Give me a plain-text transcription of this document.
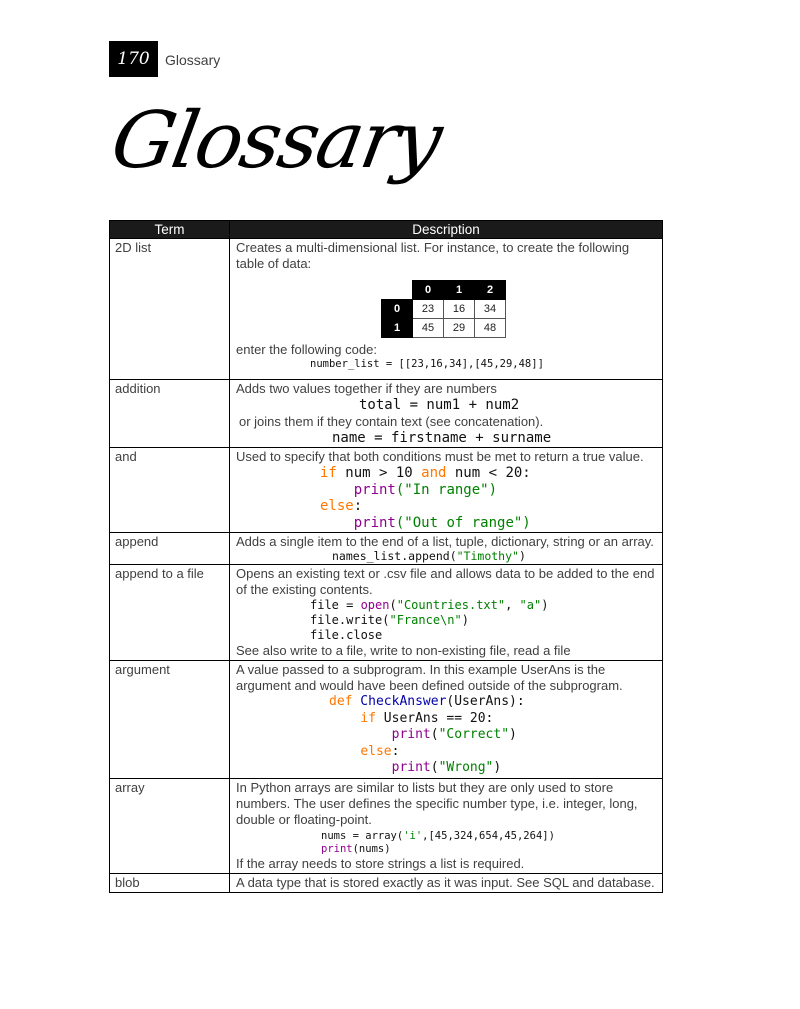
170 Glossary
Glossary
Term	Description
2D list	Creates a multi-dimensional list. For instance, to create the following table of data:
	0	1	2
0	23	16	34
1	45	29	48
enter the following code:
number_list = [[23,16,34],[45,29,48]]

addition	Adds two values together if they are numbers
total = num1 + num2
or joins them if they contain text (see concatenation).
name = firstname + surname

and	Used to specify that both conditions must be met to return a true value.
if num > 10 and num < 20:
print("In range")
else:
print("Out of range")

append	Adds a single item to the end of a list, tuple, dictionary, string or an array.
names_list.append("Timothy")

append to a file	Opens an existing text or .csv file and allows data to be added to the end of the existing contents.
file = open("Countries.txt", "a")
file.write("France\n")
file.close
See also write to a file, write to non-existing file, read a file

argument	A value passed to a subprogram. In this example UserAns is the argument and would have been defined outside of the subprogram.
def CheckAnswer(UserAns):
if UserAns == 20:
print("Correct")
else:
print("Wrong")

array	In Python arrays are similar to lists but they are only used to store numbers. The user defines the specific number type, i.e. integer, long, double or floating-point.
nums = array('i',[45,324,654,45,264])
print(nums)
If the array needs to store strings a list is required.

blob	A data type that is stored exactly as it was input. See SQL and database.
